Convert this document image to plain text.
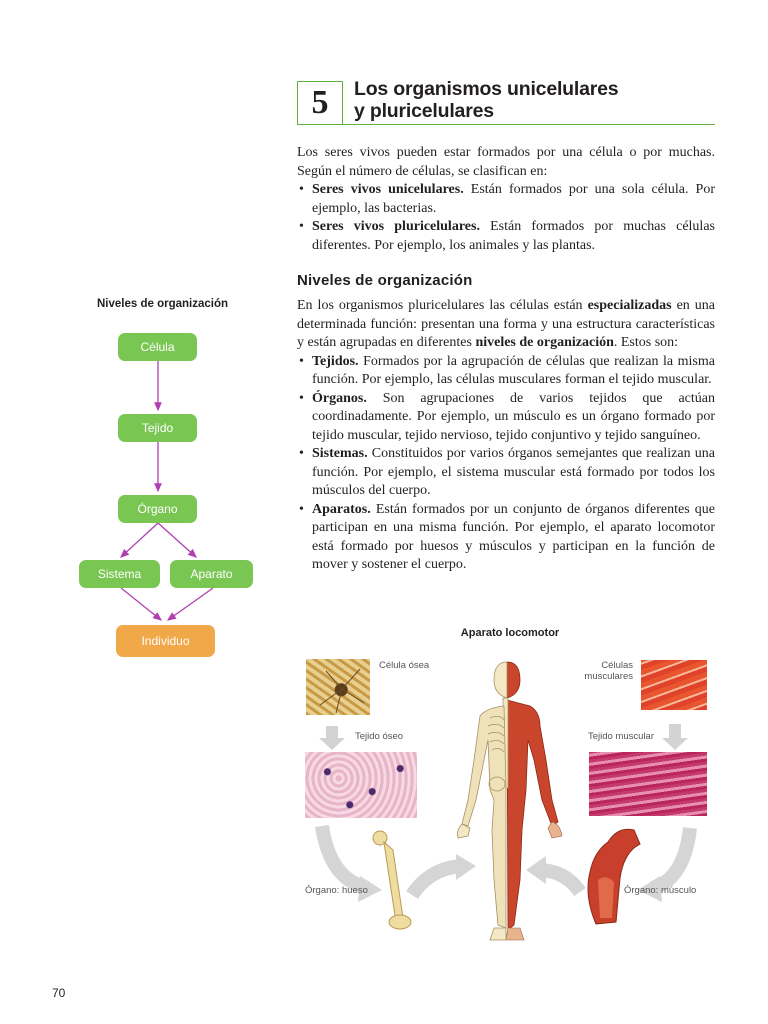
5	Los organismos unicelulares
y pluricelulares

Los seres vivos pueden estar formados por una célula o por muchas. Según el número de células, se clasifican en:

• Seres vivos unicelulares. Están formados por una sola célula. Por ejemplo, las bacterias.
• Seres vivos pluricelulares. Están formados por muchas células diferentes. Por ejemplo, los animales y las plantas.
Niveles de organización

En los organismos pluricelulares las células están especializadas en una determinada función: presentan una forma y una estructura características y están agrupadas en diferentes niveles de organización. Estos son:

• Tejidos. Formados por la agrupación de células que realizan la misma función. Por ejemplo, las células musculares forman el tejido muscular.
• Órganos. Son agrupaciones de varios tejidos que actúan coordinadamente. Por ejemplo, un músculo es un órgano formado por tejido muscular, tejido nervioso, tejido conjuntivo y tejido sanguíneo.
• Sistemas. Constituidos por varios órganos semejantes que realizan una función. Por ejemplo, el sistema muscular está formado por todos los músculos del cuerpo.
• Aparatos. Están formados por un conjunto de órganos diferentes que participan en una misma función. Por ejemplo, el aparato locomotor está formado por huesos y músculos y participan en la función de mover y sostener el cuerpo.
Niveles de organización
Célula
Tejido
Órgano
Sistema	Aparato
Individuo
Aparato locomotor
Célula ósea
Tejido óseo
Células musculares
Tejido muscular
Órgano: hueso	Órgano: músculo
70
